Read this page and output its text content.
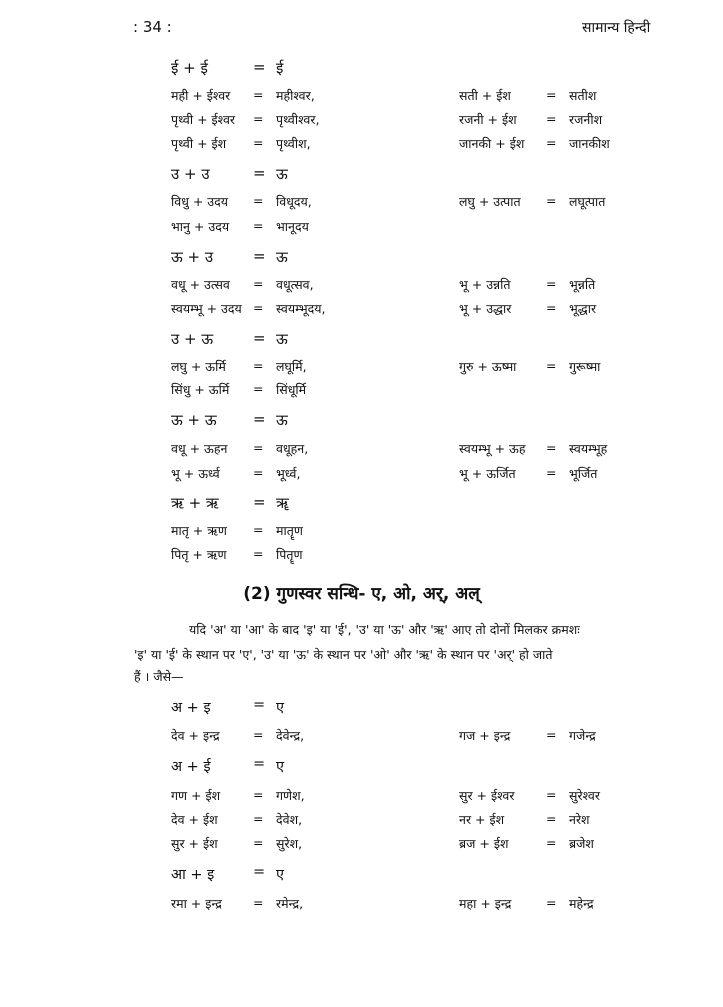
: 34 :	सामान्य हिन्दी
ई + ई	= ई
मही + ईश्वर = महीश्वर,	सती + ईश	= सतीश
पृथ्वी + ईश्वर = पृथ्वीश्वर,	रजनी + ईश = रजनीश
पृथ्वी + ईश = पृथ्वीश,	जानकी + ईश = जानकीश
उ + उ	= ऊ
विधु + उदय = विधूदय,	लघु + उत्पात = लघूत्पात
भानु + उदय = भानूदय
ऊ + उ	= ऊ
वधू + उत्सव = वधूत्सव,	भू + उन्नति	= भून्नति
स्वयम्भू + उदय = स्वयम्भूदय,	भू + उद्धार	= भूद्धार
उ + ऊ	= ऊ
लघु + ऊर्मि = लघूर्मि,	गुरु + ऊष्मा = गुरूष्मा
सिंधु + ऊर्मि = सिंधूर्मि
ऊ + ऊ = ऊ
वधू + ऊहन = वधूहन,	स्वयम्भू + ऊह = स्वयम्भूह
भू + ऊर्ध्व	= भूर्ध्व,	भू + ऊर्जित = भूर्जित
ऋ + ऋ = ॠ
मातृ + ऋण = मातॄण
पितृ + ऋण = पितॄण
(2) गुणस्वर सन्धि- ए, ओ, अर्, अल्
यदि 'अ' या 'आ' के बाद 'इ' या 'ई', 'उ' या 'ऊ' और 'ऋ' आए तो दोनों मिलकर क्रमशः
'इ' या 'ई' के स्थान पर 'ए', 'उ' या 'ऊ' के स्थान पर 'ओ' और 'ऋ' के स्थान पर 'अर्' हो जाते
हैं । जैसे—
अ + इ	= ए
देव + इन्द्र	= देवेन्द्र,	गज + इन्द्र	= गजेन्द्र
अ + ई	= ए
गण + ईश	= गणेश,	सुर + ईश्वर	= सुरेश्वर
देव + ईश	= देवेश,	नर + ईश	= नरेश
सुर + ईश	= सुरेश,	ब्रज + ईश	= ब्रजेश
आ + इ	= ए
रमा + इन्द्र = रमेन्द्र,	महा + इन्द्र	= महेन्द्र
